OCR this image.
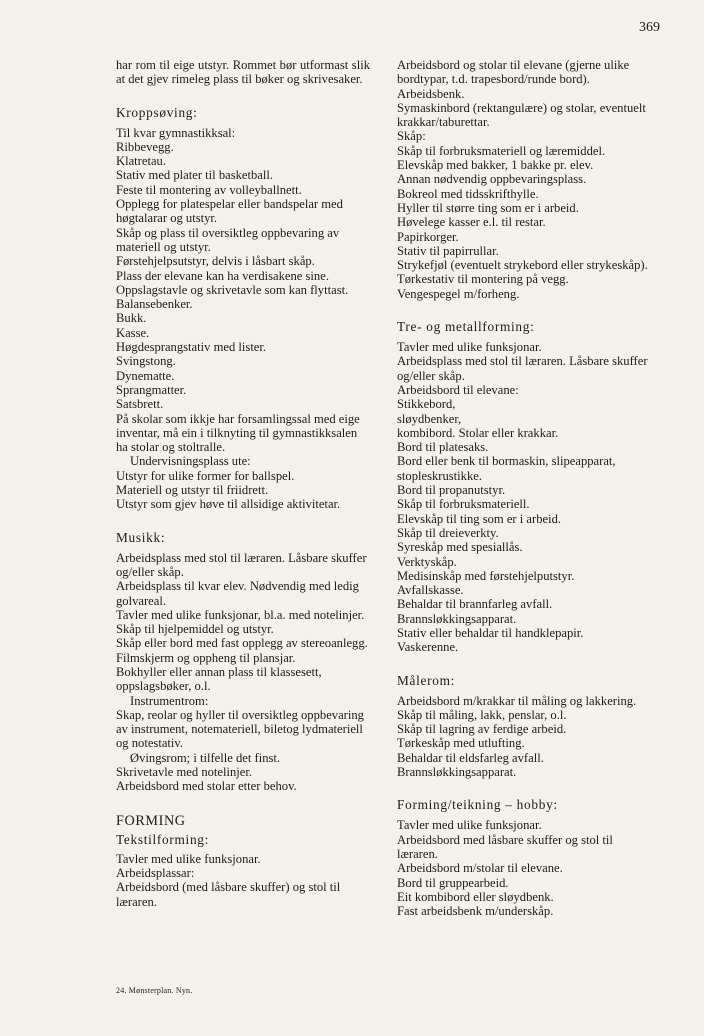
369

har rom til eige utstyr. Rommet bør utformast slik at det gjev rimeleg plass til bøker og skrivesaker.

Kroppsøving:
Til kvar gymnastikksal:
Ribbevegg.
Klatretau.
Stativ med plater til basketball.
Feste til montering av volleyballnett.
Opplegg for platespelar eller bandspelar med høgtalarar og utstyr.
Skåp og plass til oversiktleg oppbevaring av materiell og utstyr.
Førstehjelpsutstyr, delvis i låsbart skåp.
Plass der elevane kan ha verdisakene sine.
Oppslagstavle og skrivetavle som kan flyttast.
Balansebenker.
Bukk.
Kasse.
Høgdesprangstativ med lister.
Svingstong.
Dynematte.
Sprangmatter.
Satsbrett.
På skolar som ikkje har forsamlingssal med eige inventar, må ein i tilknyting til gymnastikksalen ha stolar og stoltralle.
Undervisningsplass ute:
Utstyr for ulike former for ballspel.
Materiell og utstyr til friidrett.
Utstyr som gjev høve til allsidige aktivitetar.
Musikk:
Arbeidsplass med stol til læraren. Låsbare skuffer og/eller skåp.
Arbeidsplass til kvar elev. Nødvendig med ledig golvareal.
Tavler med ulike funksjonar, bl.a. med notelinjer.
Skåp til hjelpemiddel og utstyr.
Skåp eller bord med fast opplegg av stereoanlegg.
Filmskjerm og oppheng til plansjar.
Bokhyller eller annan plass til klassesett, oppslagsbøker, o.l.
Instrumentrom:
Skap, reolar og hyller til oversiktleg oppbevaring av instrument, notemateriell, biletog lydmateriell og notestativ.
Øvingsrom; i tilfelle det finst.
Skrivetavle med notelinjer.
Arbeidsbord med stolar etter behov.
FORMING
Tekstilforming:
Tavler med ulike funksjonar.
Arbeidsplassar:
Arbeidsbord (med låsbare skuffer) og stol til læraren.
Arbeidsbord og stolar til elevane (gjerne ulike bordtypar, t.d. trapesbord/runde bord).
Arbeidsbenk.
Symaskinbord (rektangulære) og stolar, eventuelt krakkar/taburettar.
Skåp:
Skåp til forbruksmateriell og læremiddel.
Elevskåp med bakker, 1 bakke pr. elev.
Annan nødvendig oppbevaringsplass.
Bokreol med tidsskrifthylle.
Hyller til større ting som er i arbeid.
Høvelege kasser e.l. til restar.
Papirkorger.
Stativ til papirrullar.
Strykefjøl (eventuelt strykebord eller strykeskåp).
Tørkestativ til montering på vegg.
Vengespegel m/forheng.
Tre- og metallforming:
Tavler med ulike funksjonar.
Arbeidsplass med stol til læraren. Låsbare skuffer og/eller skåp.
Arbeidsbord til elevane:
Stikkebord,
sløydbenker,
kombibord. Stolar eller krakkar.
Bord til platesaks.
Bord eller benk til bormaskin, slipeapparat, stopleskrustikke.
Bord til propanutstyr.
Skåp til forbruksmateriell.
Elevskåp til ting som er i arbeid.
Skåp til dreieverkty.
Syreskåp med spesiallås.
Verktyskåp.
Medisinskåp med førstehjelputstyr.
Avfallskasse.
Behaldar til brannfarleg avfall.
Brannsløkkingsapparat.
Stativ eller behaldar til handklepapir.
Vaskerenne.
Målerom:
Arbeidsbord m/krakkar til måling og lakkering.
Skåp til måling, lakk, penslar, o.l.
Skåp til lagring av ferdige arbeid.
Tørkeskåp med utlufting.
Behaldar til eldsfarleg avfall.
Brannsløkkingsapparat.
Forming/teikning – hobby:
Tavler med ulike funksjonar.
Arbeidsbord med låsbare skuffer og stol til læraren.
Arbeidsbord m/stolar til elevane.
Bord til gruppearbeid.
Eit kombibord eller sløydbenk.
Fast arbeidsbenk m/underskåp.
24. Mønsterplan. Nyn.
